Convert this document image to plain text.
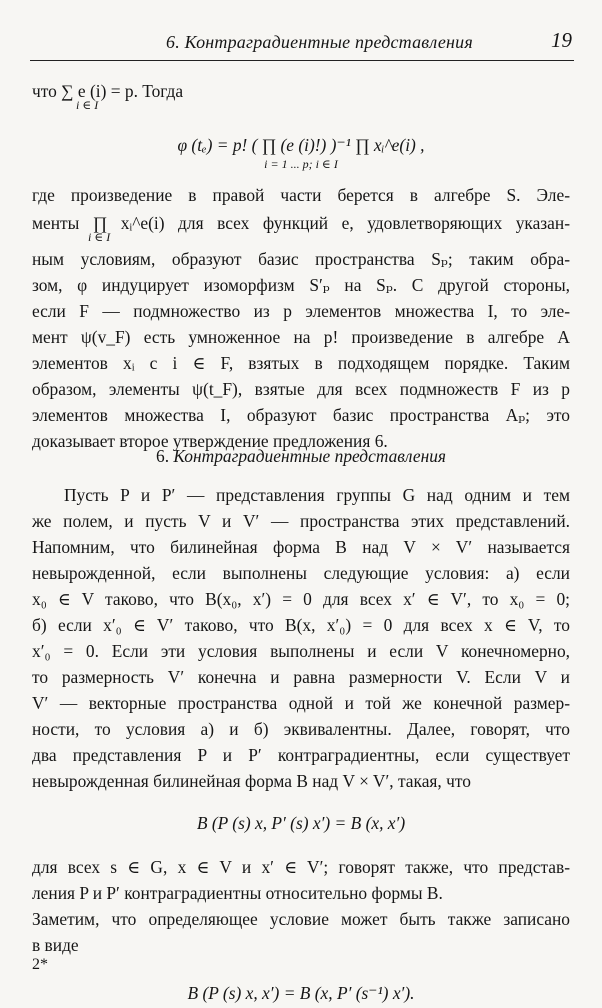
6. Контраградиентные представления	19
что ∑ e (i) = p. Тогда
i ∈ I
φ (tₑ) = p! ( ∏ (e (i)!) )⁻¹ ∏ xᵢ^e(i) ,
i = 1 ... p; i ∈ I
где произведение в правой части берется в алгебре S. Эле-
менты ∏ xᵢ^e(i) для всех функций e, удовлетворяющих указан-
i ∈ I
ным условиям, образуют базис пространства Sₚ; таким обра-
зом, φ индуцирует изоморфизм S′ₚ на Sₚ. С другой стороны,
если F — подмножество из p элементов множества I, то эле-
мент ψ(v_F) есть умноженное на p! произведение в алгебре A
элементов xᵢ с i ∈ F, взятых в подходящем порядке. Таким
образом, элементы ψ(t_F), взятые для всех подмножеств F из p
элементов множества I, образуют базис пространства Aₚ; это
доказывает второе утверждение предложения 6.
6. Контраградиентные представления
Пусть P и P′ — представления группы G над одним и тем
же полем, и пусть V и V′ — пространства этих представлений.
Напомним, что билинейная форма B над V × V′ называется
невырожденной, если выполнены следующие условия: а) если
x₀ ∈ V таково, что B(x₀, x′) = 0 для всех x′ ∈ V′, то x₀ = 0;
б) если x′₀ ∈ V′ таково, что B(x, x′₀) = 0 для всех x ∈ V, то
x′₀ = 0. Если эти условия выполнены и если V конечномерно,
то размерность V′ конечна и равна размерности V. Если V и
V′ — векторные пространства одной и той же конечной размер-
ности, то условия а) и б) эквивалентны. Далее, говорят, что
два представления P и P′ контраградиентны, если существует
невырожденная билинейная форма B над V × V′, такая, что
B (P (s) x, P′ (s) x′) = B (x, x′)
для всех s ∈ G, x ∈ V и x′ ∈ V′; говорят также, что представ-
ления P и P′ контраградиентны относительно формы B.
Заметим, что определяющее условие может быть также записано
в виде
B (P (s) x, x′) = B (x, P′ (s⁻¹) x′).
2*
